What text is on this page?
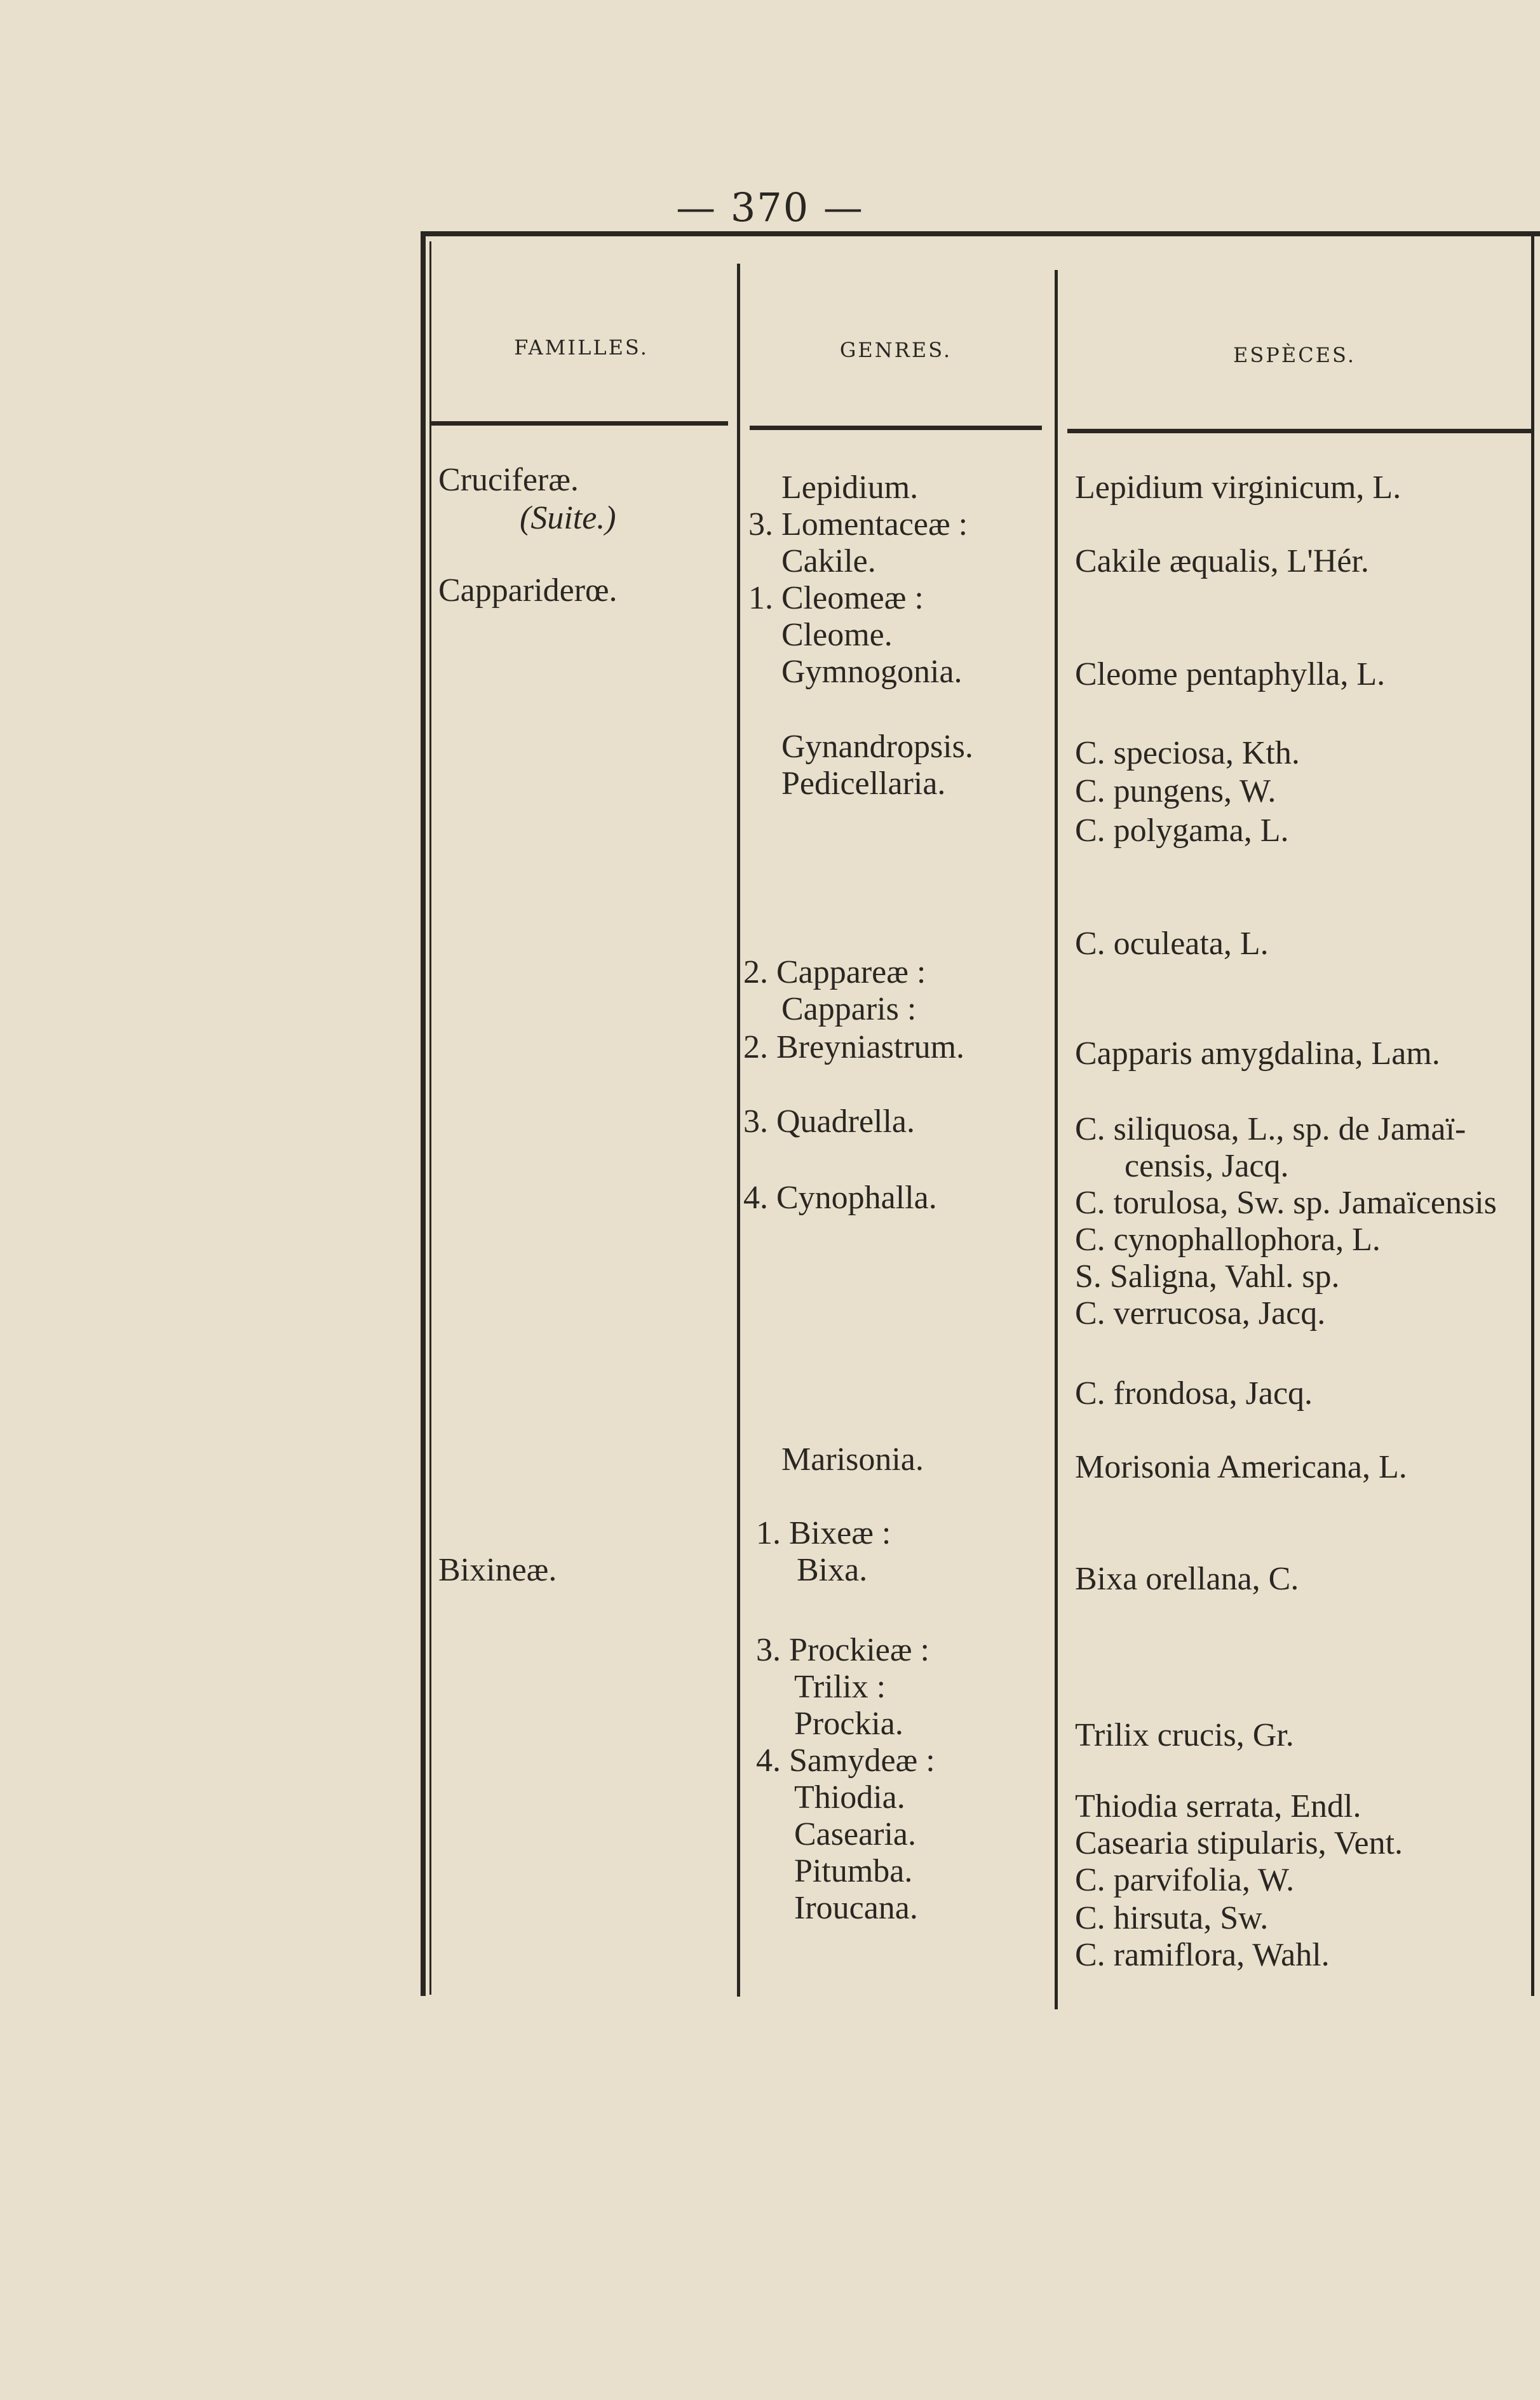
— 370 —
FAMILLES.	GENRES.	ESPÈCES.
Cruciferæ.
(Suite.)
Cappariderœ.
Bixineæ.
Lepidium.
3. Lomentaceæ :
Cakile.
1. Cleomeæ :
Cleome.
Gymnogonia.
Gynandropsis.
Pedicellaria.
2. Cappareæ :
Capparis :
2. Breyniastrum.
3. Quadrella.
4. Cynophalla.
Marisonia.
1. Bixeæ :
Bixa.
3. Prockieæ :
Trilix :
Prockia.
4. Samydeæ :
Thiodia.
Casearia.
Pitumba.
Iroucana.
Lepidium virginicum, L.
Cakile æqualis, L'Hér.
Cleome pentaphylla, L.
C. speciosa, Kth.
C. pungens, W.
C. polygama, L.
C. oculeata, L.
Capparis amygdalina, Lam.
C. siliquosa, L., sp. de Jamaï-
censis, Jacq.
C. torulosa, Sw. sp. Jamaïcensis
C. cynophallophora, L.
S. Saligna, Vahl. sp.
C. verrucosa, Jacq.
C. frondosa, Jacq.
Morisonia Americana, L.
Bixa orellana, C.
Trilix crucis, Gr.
Thiodia serrata, Endl.
Casearia stipularis, Vent.
C. parvifolia, W.
C. hirsuta, Sw.
C. ramiflora, Wahl.
